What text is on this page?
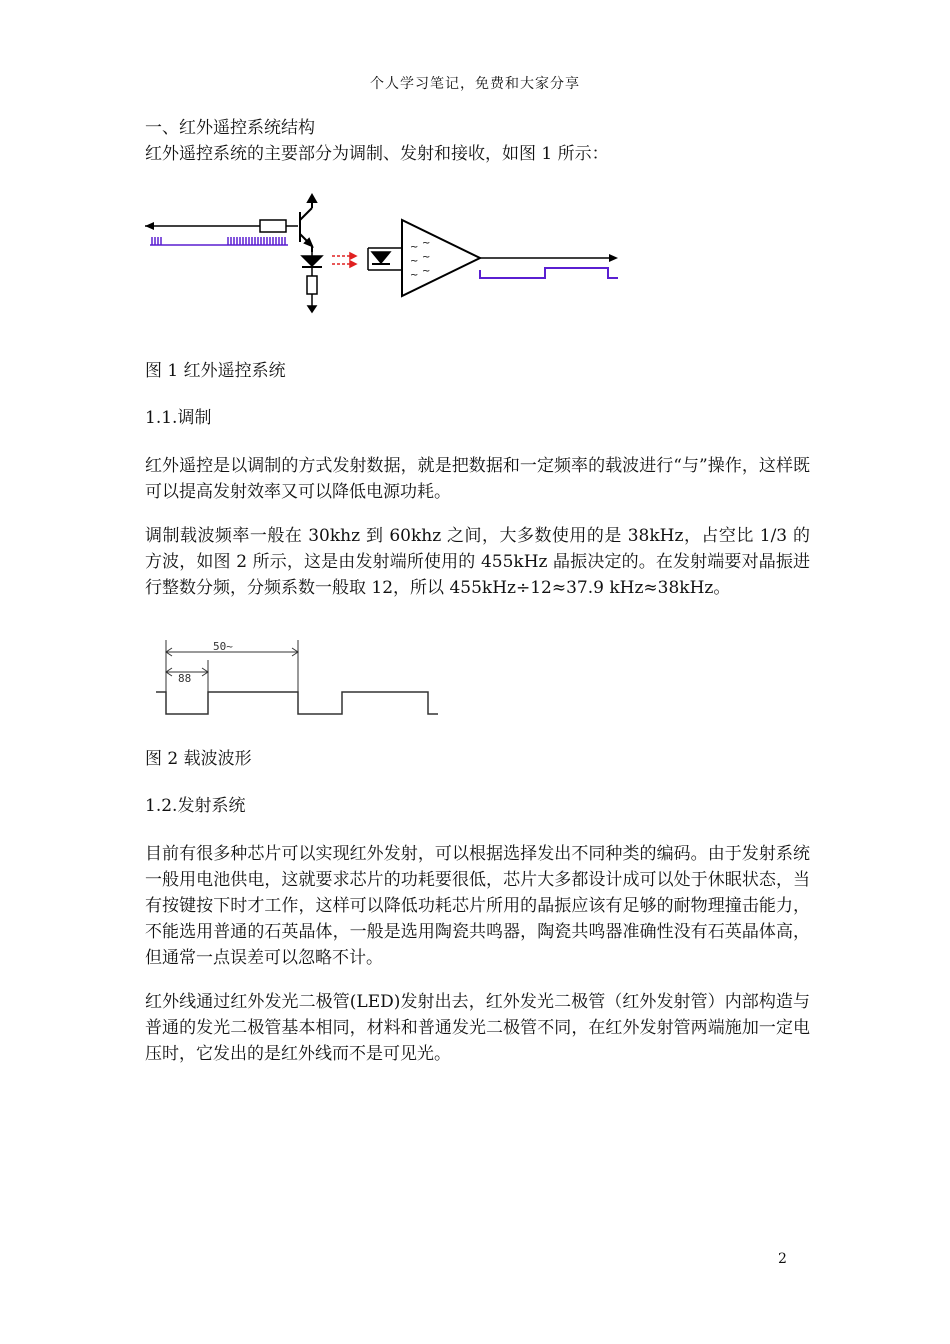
个人学习笔记，免费和大家分享
一、红外遥控系统结构
红外遥控系统的主要部分为调制、发射和接收，如图 1 所示：
~ ~
~ ~
~ ~
图 1 红外遥控系统
1.1.调制
红外遥控是以调制的方式发射数据，就是把数据和一定频率的载波进行“与”操作，这样既可以提高发射效率又可以降低电源功耗。
调制载波频率一般在 30khz 到 60khz 之间，大多数使用的是 38kHz，占空比 1/3 的方波，如图 2 所示，这是由发射端所使用的 455kHz 晶振决定的。在发射端要对晶振进行整数分频，分频系数一般取 12，所以 455kHz÷12≈37.9 kHz≈38kHz。
50~
88
图 2 载波波形
1.2.发射系统
目前有很多种芯片可以实现红外发射，可以根据选择发出不同种类的编码。由于发射系统一般用电池供电，这就要求芯片的功耗要很低，芯片大多都设计成可以处于休眠状态，当有按键按下时才工作，这样可以降低功耗芯片所用的晶振应该有足够的耐物理撞击能力，不能选用普通的石英晶体，一般是选用陶瓷共鸣器，陶瓷共鸣器准确性没有石英晶体高，但通常一点误差可以忽略不计。
红外线通过红外发光二极管(LED)发射出去，红外发光二极管（红外发射管）内部构造与普通的发光二极管基本相同，材料和普通发光二极管不同，在红外发射管两端施加一定电压时，它发出的是红外线而不是可见光。
2
